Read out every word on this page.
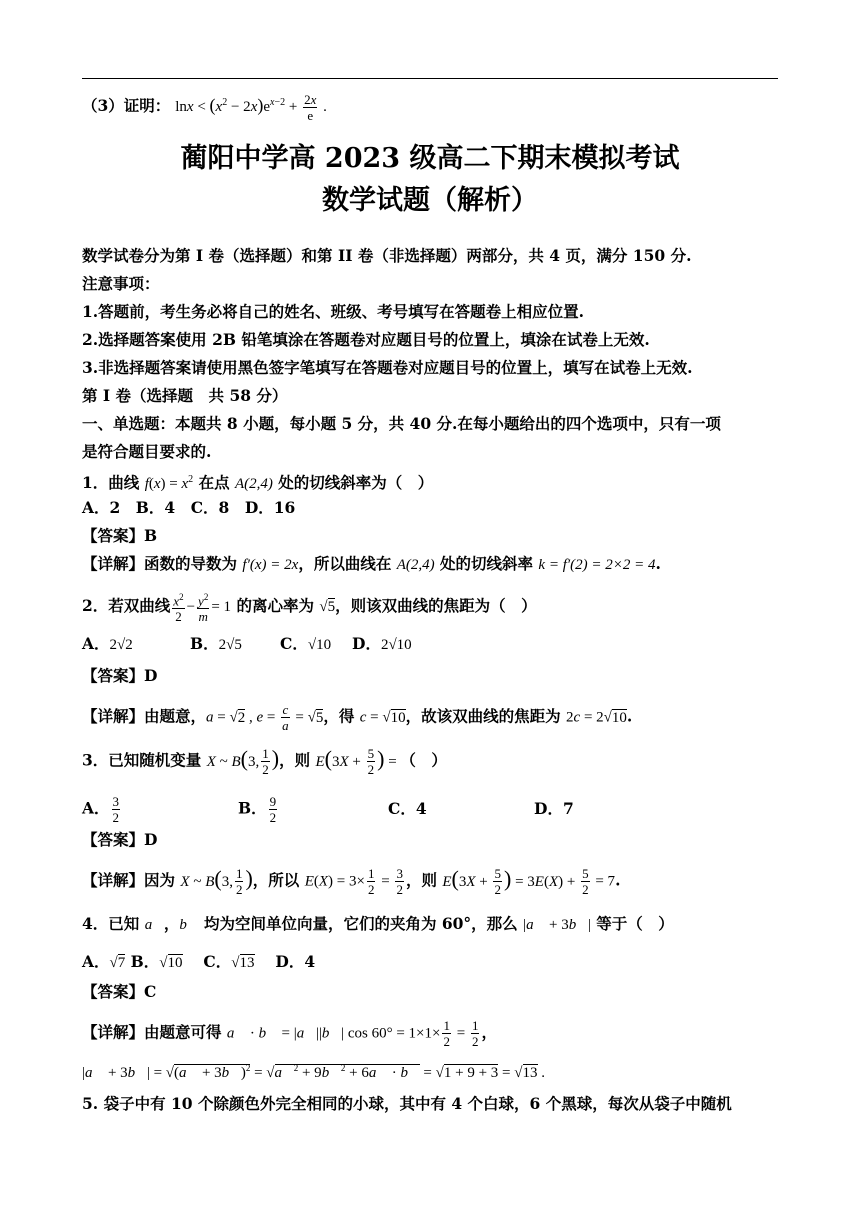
（3）证明： $\ln x < (x^2 - 2x)e^{x-2} + \frac{2x}{e}$ .
蔺阳中学高 2023 级高二下期末模拟考试
数学试题（解析）
数学试卷分为第 I 卷（选择题）和第 II 卷（非选择题）两部分，共 4 页，满分 150 分.
注意事项：
1.答题前，考生务必将自己的姓名、班级、考号填写在答题卷上相应位置.
2.选择题答案使用 2B 铅笔填涂在答题卷对应题目号的位置上，填涂在试卷上无效.
3.非选择题答案请使用黑色签字笔填写在答题卷对应题目号的位置上，填写在试卷上无效.
第 I 卷（选择题　共 58 分）
一、单选题：本题共 8 小题，每小题 5 分，共 40 分.在每小题给出的四个选项中，只有一项
是符合题目要求的.
1．曲线 $f(x) = x^2$ 在点 A(2,4) 处的切线斜率为（　）
A．2　B．4　C．8　D．16
【答案】B
【详解】函数的导数为 f′(x) = 2x，所以曲线在 A(2,4) 处的切线斜率 k = f′(2) = 2×2 = 4.
2．若双曲线 $\frac{x^2}{2} - \frac{y^2}{m} = 1$ 的离心率为 √5，则该双曲线的焦距为（　）
A．2√2	B．2√5 C．√10 D．2√10
【答案】D
【详解】由题意，a = √2 , $e = \frac{c}{a} = √5$，得 c = √10，故该双曲线的焦距为 2c = 2√10.
3．已知随机变量 X ~ B(3, $\frac{1}{2}$ )，则 $E(3X + \frac{5}{2}$ ) = （　）
A． $\frac{3}{2}$	B． $\frac{9}{2}$	C．4	D．7
【答案】D
【详解】因为 X ~ B(3, $\frac{1}{2}$ )，所以 $E(X) = 3\times \frac{1}{2} = \frac{3}{2}$ ，则 $E(3X + \frac{5}{2}$ ) = $3E(X) + \frac{5}{2} = 7$.
4．已知 a⃗，b⃗ 均为空间单位向量，它们的夹角为 60°，那么 |a⃗ + 3b⃗| 等于（　）
A．√7 B．√10　 C．√13　 D．4
【答案】C
【详解】由题意可得 a⃗ · b⃗ = |a⃗||b⃗| $\cos 60^\circ = 1\times 1\times \frac{1}{2} = \frac{1}{2}$ ，
|a⃗ + 3b⃗| = √(a⃗ + 3b⃗)$^2$ = √a⃗$^2$ + 9b⃗$^2$ + 6a⃗ · b⃗ = √1 + 9 + 3 = √13 .
5. 袋子中有 10 个除颜色外完全相同的小球，其中有 4 个白球，6 个黑球，每次从袋子中随机
